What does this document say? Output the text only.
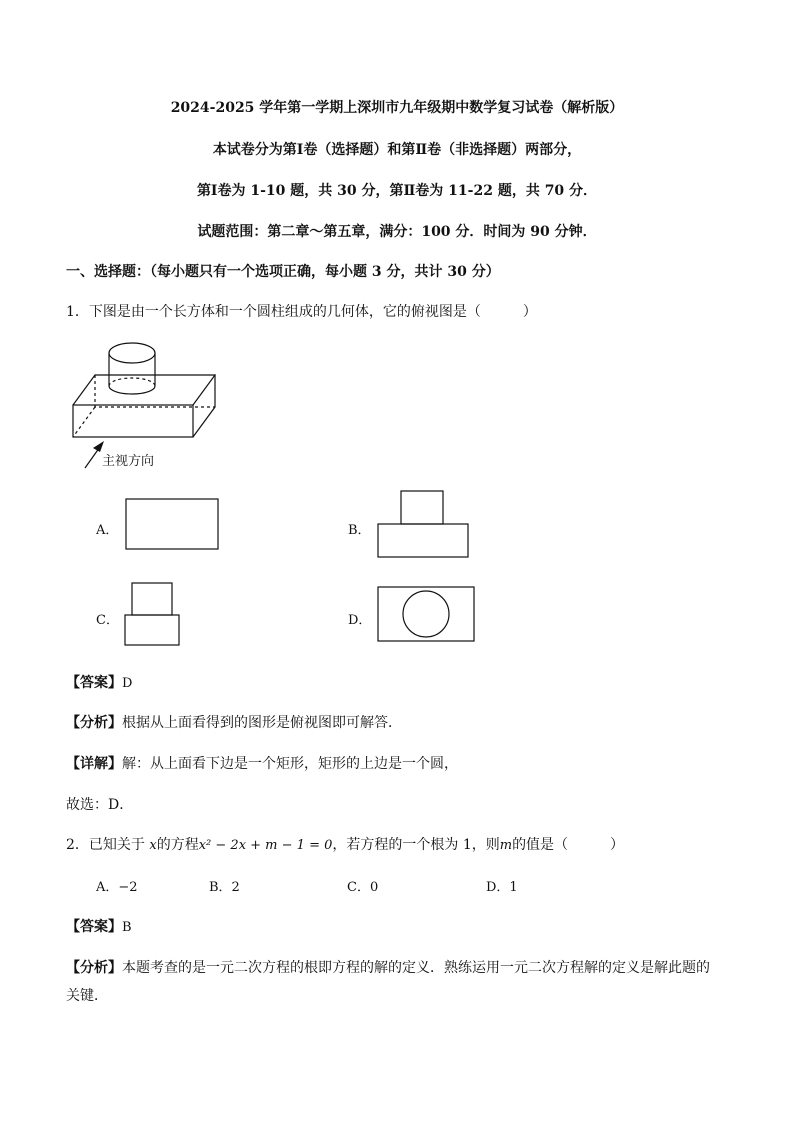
2024-2025 学年第一学期上深圳市九年级期中数学复习试卷（解析版）
本试卷分为第Ⅰ卷（选择题）和第Ⅱ卷（非选择题）两部分，
第Ⅰ卷为 1-10 题，共 30 分，第Ⅱ卷为 11-22 题，共 70 分．
试题范围：第二章～第五章，满分：100 分．时间为 90 分钟．
一、选择题：（每小题只有一个选项正确，每小题 3 分，共计 30 分）
1．下图是由一个长方体和一个圆柱组成的几何体，它的俯视图是（　　　）
主视方向
A．	B．
C．	D．
【答案】D
【分析】根据从上面看得到的图形是俯视图即可解答．
【详解】解：从上面看下边是一个矩形，矩形的上边是一个圆，
故选：D．
2．已知关于 x的方程x² − 2x + m − 1 = 0，若方程的一个根为 1，则m的值是（　　　）
A．−2	B．2	C．0	D．1
【答案】B
【分析】本题考查的是一元二次方程的根即方程的解的定义．熟练运用一元二次方程解的定义是解此题的
关键．
